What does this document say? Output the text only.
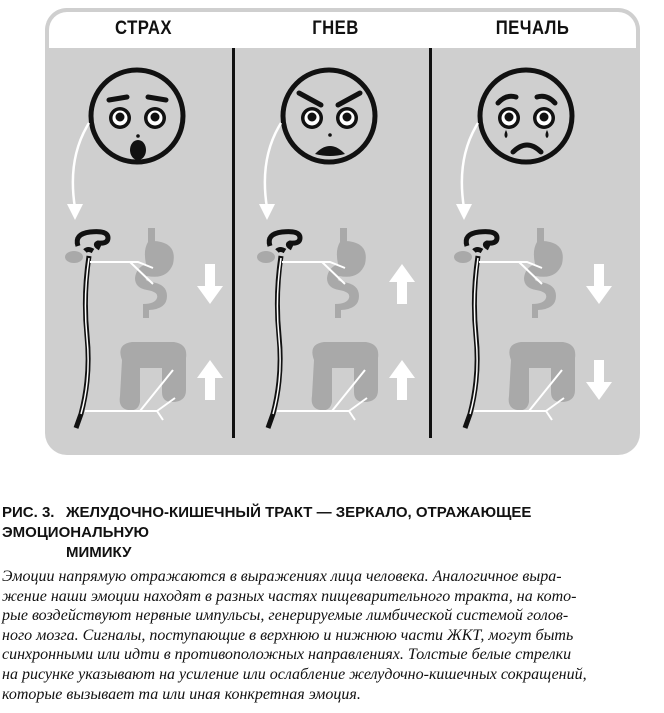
СТРАХ	ГНЕВ	ПЕЧАЛЬ
РИС. 3. ЖЕЛУДОЧНО-КИШЕЧНЫЙ ТРАКТ — ЗЕРКАЛО, ОТРАЖАЮЩЕЕ ЭМОЦИОНАЛЬНУЮ
МИМИКУ
Эмоции напрямую отражаются в выражениях лица человека. Аналогичное выра-
жение наши эмоции находят в разных частях пищеварительного тракта, на кото-
рые воздействуют нервные импульсы, генерируемые лимбической системой голов-
ного мозга. Сигналы, поступающие в верхнюю и нижнюю части ЖКТ, могут быть
синхронными или идти в противоположных направлениях. Толстые белые стрелки
на рисунке указывают на усиление или ослабление желудочно-кишечных сокращений,
которые вызывает та или иная конкретная эмоция.
